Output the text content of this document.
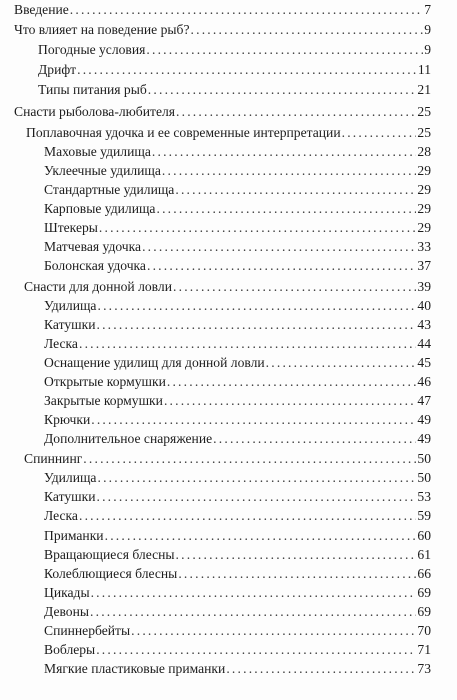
Введение . . .	7
Что влияет на поведение рыб? . . .	9
Погодные условия . . .	9
Дрифт . . .	11
Типы питания рыб . . .	21
Снасти рыболова-любителя . . .	25
Поплавочная удочка и ее современные интерпретации . . .	25
Маховые удилища . . .	28
Уклеечные удилища . . .	29
Стандартные удилища . . .	29
Карповые удилища . . .	29
Штекеры . . .	29
Матчевая удочка . . .	33
Болонская удочка . . .	37
Снасти для донной ловли . . .	39
Удилища . . .	40
Катушки . . .	43
Леска . . .	44
Оснащение удилищ для донной ловли . . .	45
Открытые кормушки . . .	46
Закрытые кормушки . . .	47
Крючки . . .	49
Дополнительное снаряжение . . .	49
Спиннинг . . .	50
Удилища . . .	50
Катушки . . .	53
Леска . . .	59
Приманки . . .	60
Вращающиеся блесны . . .	61
Колеблющиеся блесны . . .	66
Цикады . . .	69
Девоны . . .	69
Спиннербейты . . .	70
Воблеры . . .	71
Мягкие пластиковые приманки . . .	73
